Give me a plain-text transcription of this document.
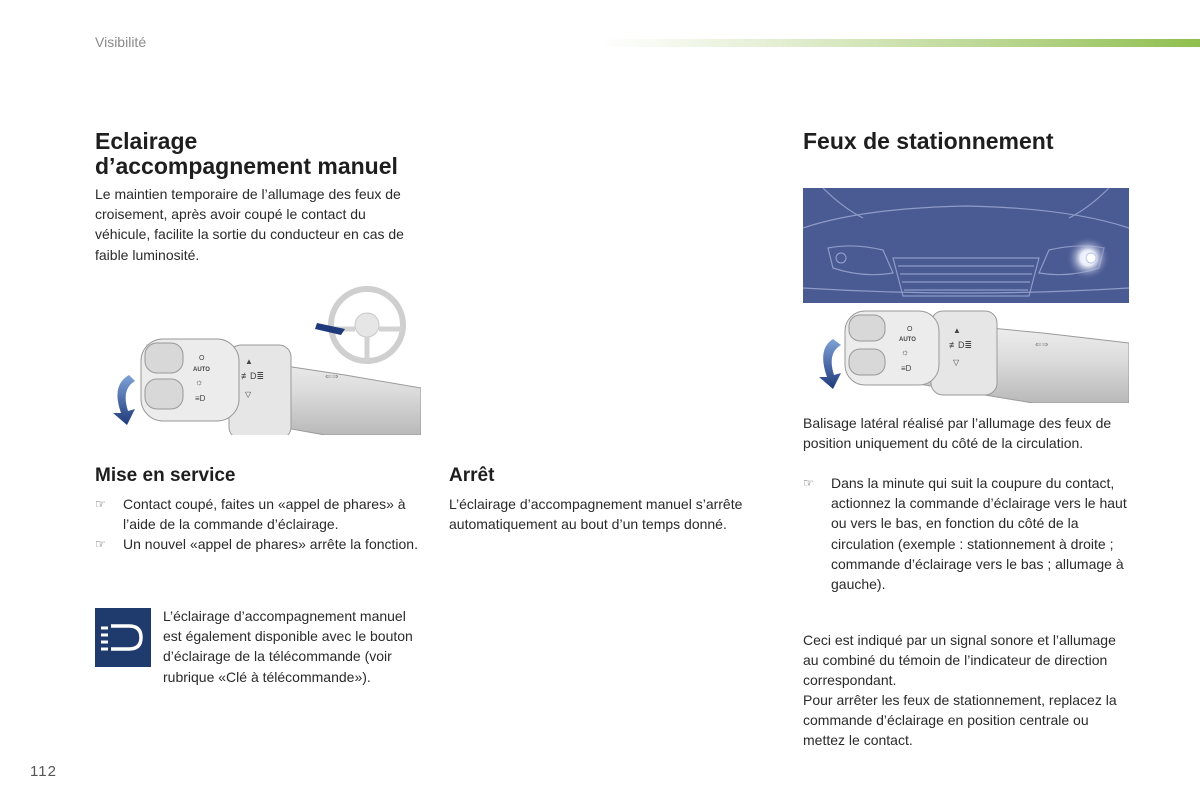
Visibilité
Eclairage
d’accompagnement manuel

Le maintien temporaire de l’allumage des feux de croisement, après avoir coupé le contact du véhicule, facilite la sortie du conducteur en cas de faible luminosité.

O
AUTO
☼
≡D
▲
≢D≣
▽
⇐⇒
Mise en service
☞ Contact coupé, faites un «appel de phares» à l’aide de la commande d’éclairage.
☞ Un nouvel «appel de phares» arrête la fonction.

L’éclairage d’accompagnement manuel est également disponible avec le bouton d’éclairage de la télécommande (voir rubrique «Clé à télécommande»).

Arrêt

L’éclairage d’accompagnement manuel s’arrête automatiquement au bout d’un temps donné.

Feux de stationnement
O
AUTO
☼
≡D
▲
≢D≣
▽
⇐⇒

Balisage latéral réalisé par l’allumage des feux de position uniquement du côté de la circulation.

☞ Dans la minute qui suit la coupure du contact, actionnez la commande d’éclairage vers le haut ou vers le bas, en fonction du côté de la circulation (exemple : stationnement à droite ; commande d’éclairage vers le bas ; allumage à gauche).

Ceci est indiqué par un signal sonore et l’allumage au combiné du témoin de l’indicateur de direction correspondant.

Pour arrêter les feux de stationnement, replacez la commande d’éclairage en position centrale ou mettez le contact.

112
